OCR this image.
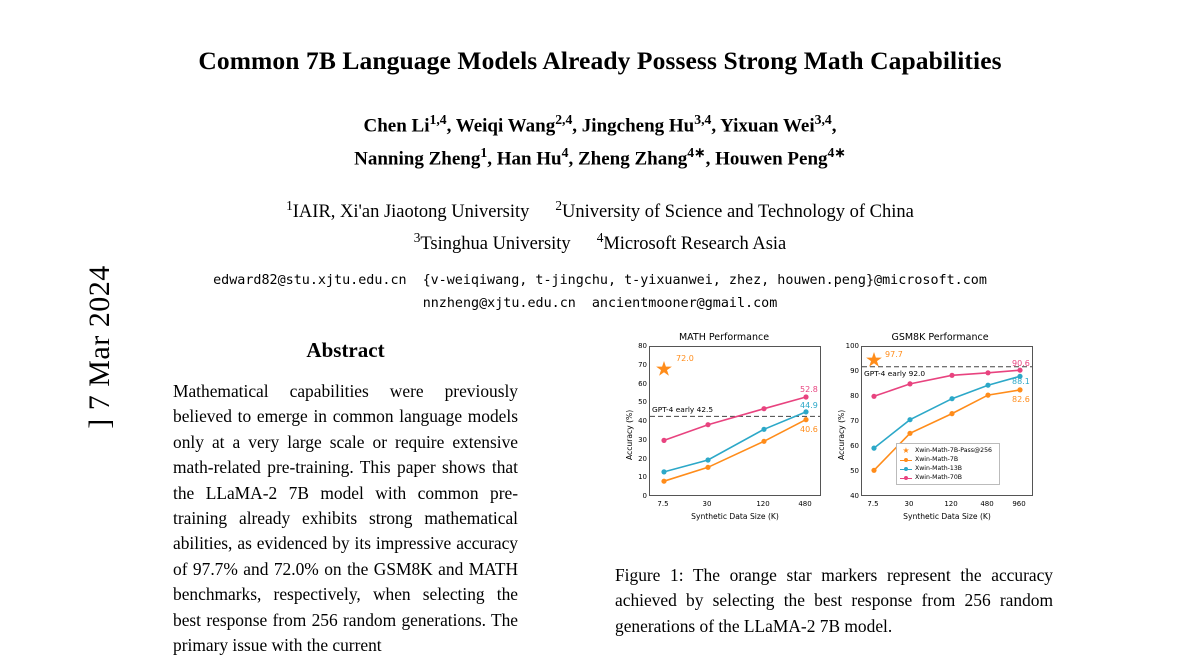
] 7 Mar 2024
Common 7B Language Models Already Possess Strong Math Capabilities
Chen Li$^{1,4}$, Weiqi Wang$^{2,4}$, Jingcheng Hu$^{3,4}$, Yixuan Wei$^{3,4}$,
Nanning Zheng$^1$, Han Hu$^4$, Zheng Zhang$^{4∗}$, Houwen Peng$^{4∗}$
$^1$IAIR, Xi'an Jiaotong University $^2$University of Science and Technology of China
$^3$Tsinghua University $^4$Microsoft Research Asia
edward82@stu.xjtu.edu.cn {v-weiqiwang, t-jingchu, t-yixuanwei, zhez, houwen.peng}@microsoft.com
nnzheng@xjtu.edu.cn ancientmooner@gmail.com
Abstract
Mathematical capabilities were previously believed to emerge in common language models only at a very large scale or require extensive math-related pre-training. This paper shows that the LLaMA-2 7B model with common pre-training already exhibits strong mathematical abilities, as evidenced by its impressive accuracy of 97.7% and 72.0% on the GSM8K and MATH benchmarks, respectively, when selecting the best response from 256 random generations. The primary issue with the current
MATH Performance
72.0
GPT-4 early 42.5
52.8
44.9
40.6
80
70
60
50
40
30
20
10
0
7.5	30	120	480
Synthetic Data Size (K)
Accuracy (%)
GSM8K Performance
97.7
GPT-4 early 92.0
90.6
88.1
82.6
★ Xwin-Math-7B-Pass@256
Xwin-Math-7B
Xwin-Math-13B
Xwin-Math-70B
100
90
80
70
60
50
40
7.5	30	120	480	960
Synthetic Data Size (K)
Accuracy (%)
Figure 1: The orange star markers represent the accuracy achieved by selecting the best response from 256 random generations of the LLaMA-2 7B model.
